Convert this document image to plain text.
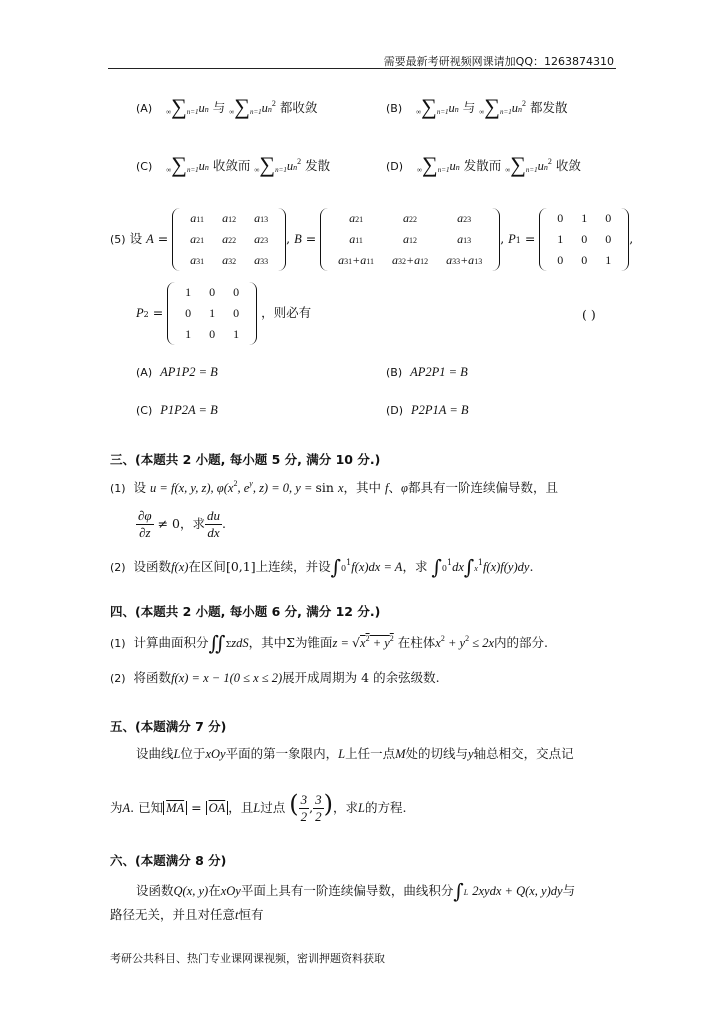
需要最新考研视频网课请加QQ：1263874310
(A) ∞∑n=1un 与 $\infty\sum n=1un^2$ 都收敛	(B) ∞∑n=1un 与 $\infty\sum n=1un^2$ 都发散
(C) ∞∑n=1un 收敛而 $\infty\sum n=1un^2$ 发散	(D) ∞∑n=1un 发散而 $\infty\sum n=1un^2$ 收敛
(5) 设 A =
a11	a12	a13
a21	a22	a23
a31	a32	a33
, B =
a21	a22	a23
a11	a12	a13
a31+a11	a32+a12	a33+a13
, P1 =
0	1	0
1	0	0
0	0	1
,
P2 =
1	0	0
0	1	0
1	0	1
，则必有	( )
(A) AP1P2 = B	(B) AP2P1 = B
(C) P1P2A = B	(D) P2P1A = B
三、(本题共 2 小题, 每小题 5 分, 满分 10 分.)
(1) 设 u = f(x, y, z), $\varphi(x^2$, $e^y$, z) = 0, y = sin x，其中 f、φ都具有一阶连续偏导数，且
$\frac{\partial\varphi}{\partial z} \ne 0$，求 $\frac{du}{dx}$ .
(2) 设函数f(x)在区间[0,1]上连续，并设$\int 0^1f(x)dx = A$，求 $\int 0^1dx\int x^1f(x)f(y)dy$.
四、(本题共 2 小题, 每小题 6 分, 满分 12 分.)
(1) 计算曲面积分∬ΣzdS，其中Σ为锥面$z = √x^2 + y^2$ 在柱体$x^2 + y^2 \le 2x$内的部分.
(2) 将函数f(x) = x − 1(0 ≤ x ≤ 2)展开成周期为 4 的余弦级数.
五、(本题满分 7 分)
设曲线L位于xOy平面的第一象限内，L上任一点M处的切线与y轴总相交，交点记
为A. 已知 $\overline{MA} = \overline{OA}$ ，且L过点 ( $\frac{3}{2}$ , $\frac{3}{2}$ )，求L的方程.
六、(本题满分 8 分)
设函数Q(x, y)在xOy平面上具有一阶连续偏导数，曲线积分∫L 2xydx + Q(x, y)dy与
路径无关，并且对任意t恒有
考研公共科目、热门专业课网课视频，密训押题资料获取
